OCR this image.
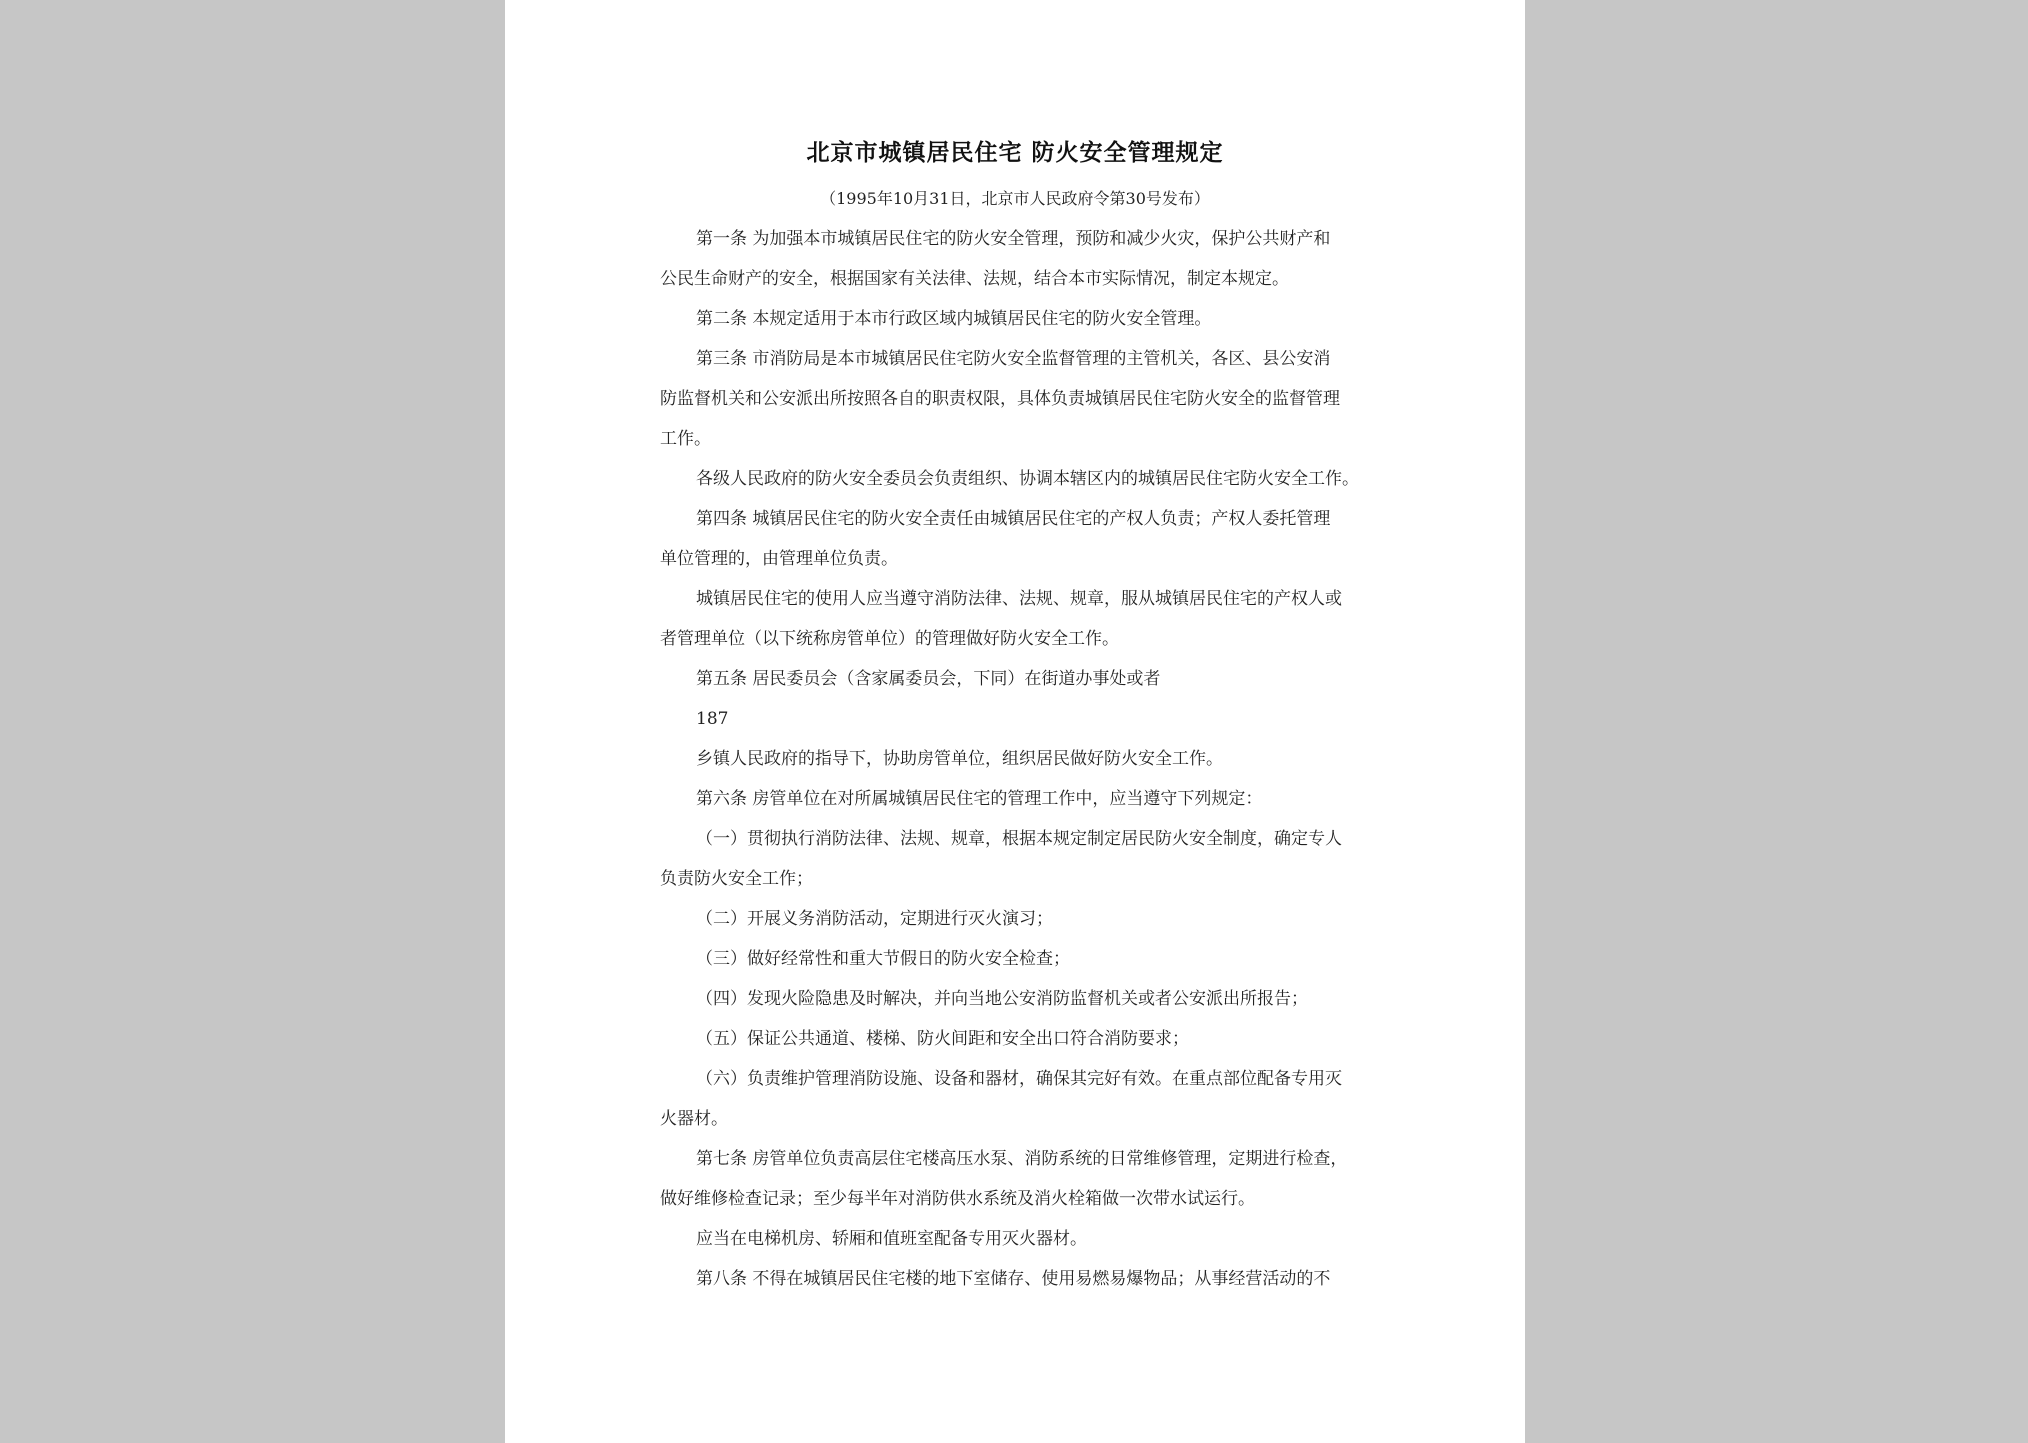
北京市城镇居民住宅 防火安全管理规定
（1995年10月31日，北京市人民政府令第30号发布）
第一条 为加强本市城镇居民住宅的防火安全管理，预防和减少火灾，保护公共财产和
公民生命财产的安全，根据国家有关法律、法规，结合本市实际情况，制定本规定。
第二条 本规定适用于本市行政区域内城镇居民住宅的防火安全管理。
第三条 市消防局是本市城镇居民住宅防火安全监督管理的主管机关，各区、县公安消
防监督机关和公安派出所按照各自的职责权限，具体负责城镇居民住宅防火安全的监督管理
工作。
各级人民政府的防火安全委员会负责组织、协调本辖区内的城镇居民住宅防火安全工作。
第四条 城镇居民住宅的防火安全责任由城镇居民住宅的产权人负责；产权人委托管理
单位管理的，由管理单位负责。
城镇居民住宅的使用人应当遵守消防法律、法规、规章，服从城镇居民住宅的产权人或
者管理单位（以下统称房管单位）的管理做好防火安全工作。
第五条 居民委员会（含家属委员会，下同）在街道办事处或者
187
乡镇人民政府的指导下，协助房管单位，组织居民做好防火安全工作。
第六条 房管单位在对所属城镇居民住宅的管理工作中，应当遵守下列规定：
（一）贯彻执行消防法律、法规、规章，根据本规定制定居民防火安全制度，确定专人
负责防火安全工作；
（二）开展义务消防活动，定期进行灭火演习；
（三）做好经常性和重大节假日的防火安全检查；
（四）发现火险隐患及时解决，并向当地公安消防监督机关或者公安派出所报告；
（五）保证公共通道、楼梯、防火间距和安全出口符合消防要求；
（六）负责维护管理消防设施、设备和器材，确保其完好有效。在重点部位配备专用灭
火器材。
第七条 房管单位负责高层住宅楼高压水泵、消防系统的日常维修管理，定期进行检查，
做好维修检查记录；至少每半年对消防供水系统及消火栓箱做一次带水试运行。
应当在电梯机房、轿厢和值班室配备专用灭火器材。
第八条 不得在城镇居民住宅楼的地下室储存、使用易燃易爆物品；从事经营活动的不
